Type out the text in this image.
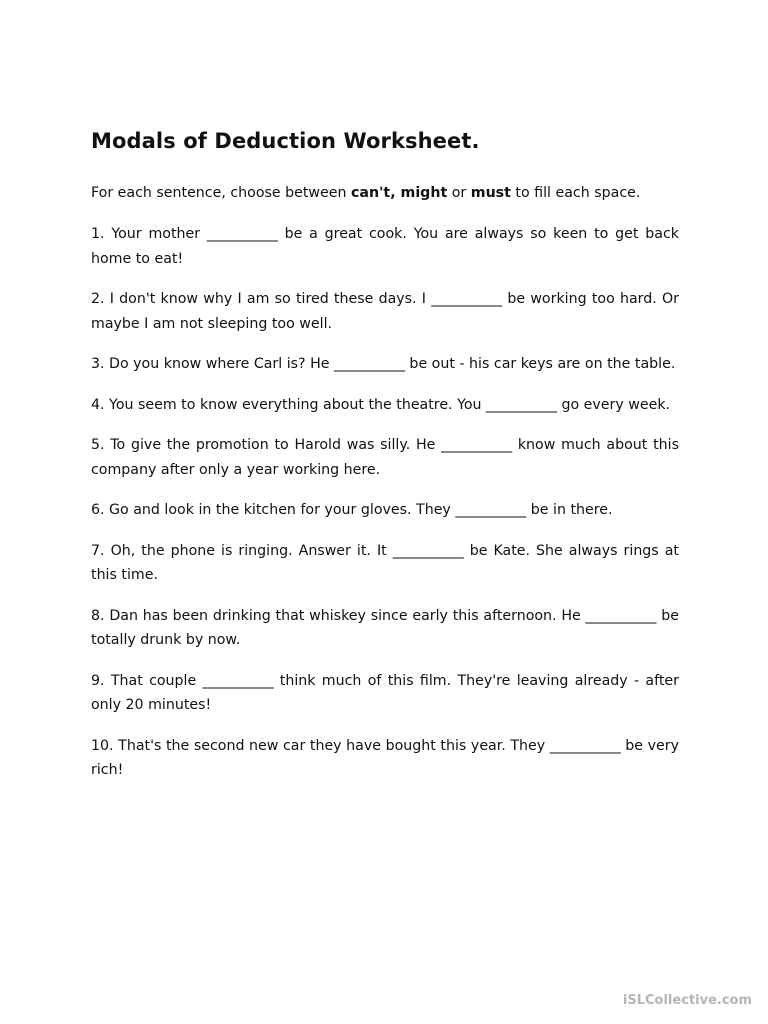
Modals of Deduction Worksheet.
For each sentence, choose between can't, might or must to fill each space.
1. Your mother __________ be a great cook. You are always so keen to get back home to eat!
2. I don't know why I am so tired these days. I __________ be working too hard. Or maybe I am not sleeping too well.
3. Do you know where Carl is? He __________ be out - his car keys are on the table.
4. You seem to know everything about the theatre. You __________ go every week.
5. To give the promotion to Harold was silly. He __________ know much about this company after only a year working here.
6. Go and look in the kitchen for your gloves. They __________ be in there.
7. Oh, the phone is ringing. Answer it. It __________ be Kate. She always rings at this time.
8. Dan has been drinking that whiskey since early this afternoon. He __________ be totally drunk by now.
9. That couple __________ think much of this film. They're leaving already - after only 20 minutes!
10. That's the second new car they have bought this year. They __________ be very rich!
iSLCollective.com
